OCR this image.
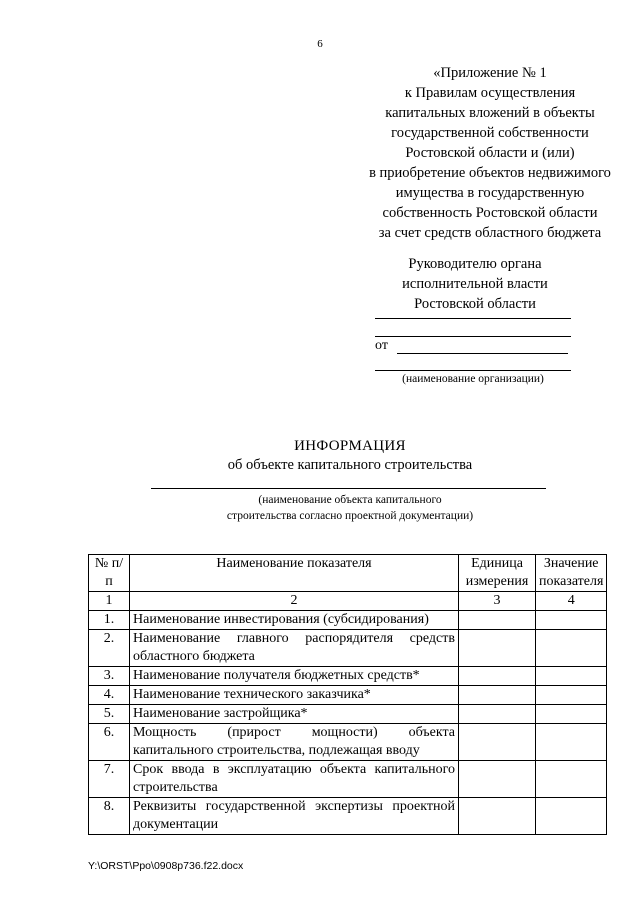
6
«Приложение № 1
к Правилам осуществления
капитальных вложений в объекты
государственной собственности
Ростовской области и (или)
в приобретение объектов недвижимого
имущества в государственную
собственность Ростовской области
за счет средств областного бюджета
Руководителю органа
исполнительной власти
Ростовской области
от
(наименование организации)
ИНФОРМАЦИЯ
об объекте капитального строительства
(наименование объекта капитального
строительства согласно проектной документации)
№ п/п	Наименование показателя	Единица измерения	Значение показателя
1	2	3	4
1.	Наименование инвестирования (субсидирования)		
2.	Наименование главного распорядителя средств областного бюджета		
3.	Наименование получателя бюджетных средств*		
4.	Наименование технического заказчика*		
5.	Наименование застройщика*		
6.	Мощность (прирост мощности) объекта капитального строительства, подлежащая вводу		
7.	Срок ввода в эксплуатацию объекта капитального строительства		
8.	Реквизиты государственной экспертизы проектной документации		
Y:\ORST\Ppo\0908p736.f22.docx
